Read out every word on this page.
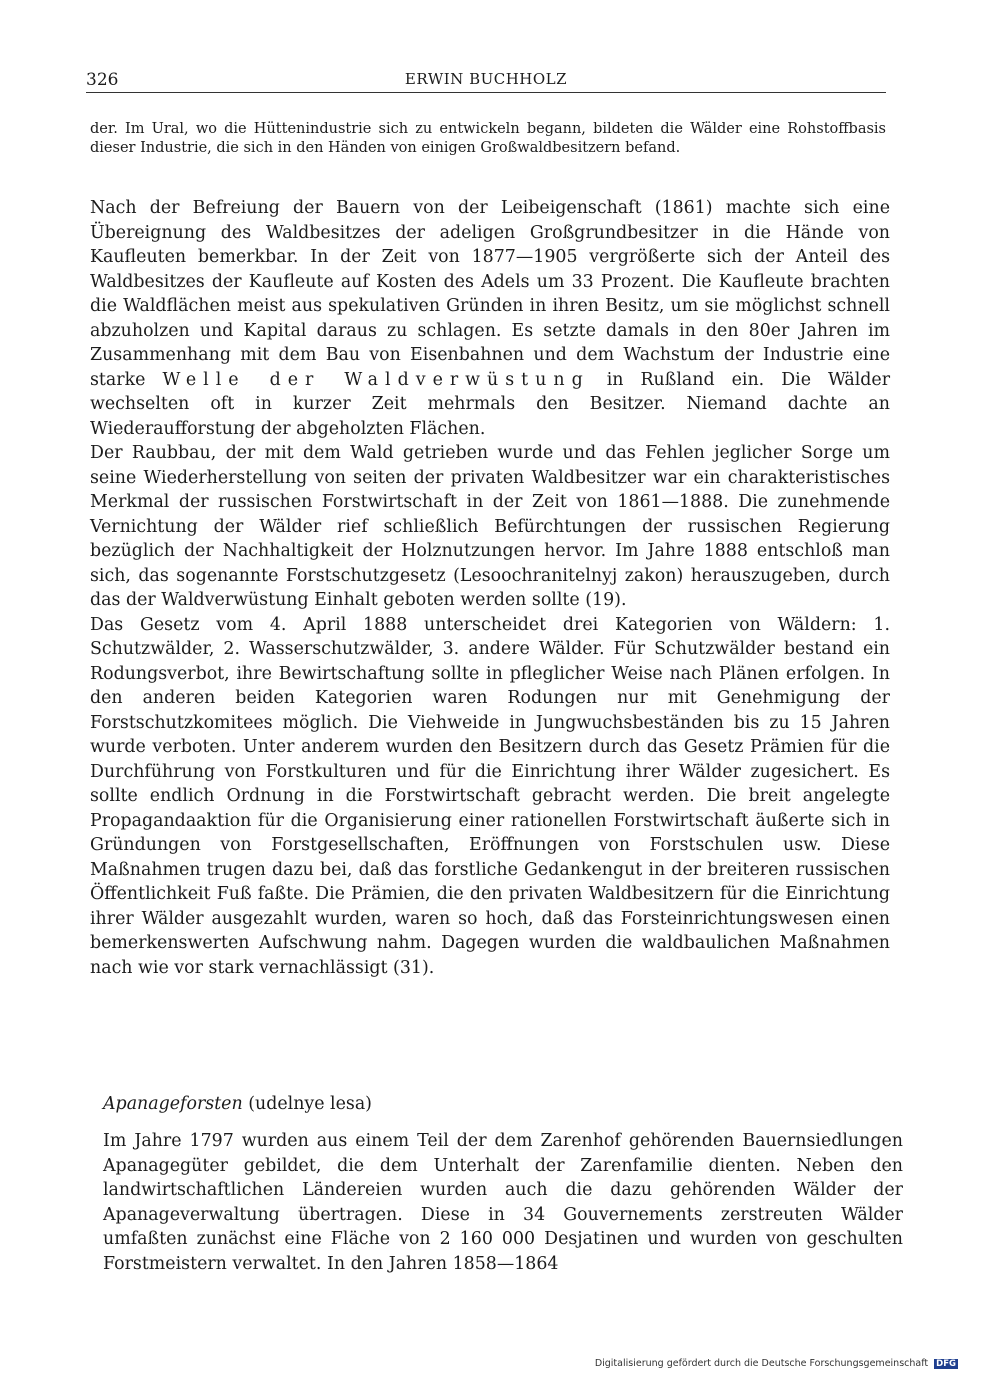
326	ERWIN BUCHHOLZ

der. Im Ural, wo die Hüttenindustrie sich zu entwickeln begann, bildeten die Wälder eine Rohstoffbasis dieser Industrie, die sich in den Händen von einigen Großwaldbesitzern befand.

Nach der Befreiung der Bauern von der Leibeigenschaft (1861) machte sich eine Übereignung des Waldbesitzes der adeligen Großgrundbesitzer in die Hände von Kaufleuten bemerkbar. In der Zeit von 1877—1905 vergrößerte sich der Anteil des Waldbesitzes der Kaufleute auf Kosten des Adels um 33 Prozent. Die Kaufleute brachten die Waldflächen meist aus spekulativen Gründen in ihren Besitz, um sie möglichst schnell abzuholzen und Kapital daraus zu schlagen. Es setzte damals in den 80er Jahren im Zusammenhang mit dem Bau von Eisenbahnen und dem Wachstum der Industrie eine starke Welle der Waldverwüstung in Rußland ein. Die Wälder wechselten oft in kurzer Zeit mehrmals den Besitzer. Niemand dachte an Wiederaufforstung der abgeholzten Flächen.

Der Raubbau, der mit dem Wald getrieben wurde und das Fehlen jeglicher Sorge um seine Wiederherstellung von seiten der privaten Waldbesitzer war ein charakteristisches Merkmal der russischen Forstwirtschaft in der Zeit von 1861—1888. Die zunehmende Vernichtung der Wälder rief schließlich Befürchtungen der russischen Regierung bezüglich der Nachhaltigkeit der Holznutzungen hervor. Im Jahre 1888 entschloß man sich, das sogenannte Forstschutzgesetz (Lesoochranitelnyj zakon) herauszugeben, durch das der Waldverwüstung Einhalt geboten werden sollte (19).

Das Gesetz vom 4. April 1888 unterscheidet drei Kategorien von Wäldern: 1. Schutzwälder, 2. Wasserschutzwälder, 3. andere Wälder. Für Schutzwälder bestand ein Rodungsverbot, ihre Bewirtschaftung sollte in pfleglicher Weise nach Plänen erfolgen. In den anderen beiden Kategorien waren Rodungen nur mit Genehmigung der Forstschutzkomitees möglich. Die Viehweide in Jungwuchsbeständen bis zu 15 Jahren wurde verboten. Unter anderem wurden den Besitzern durch das Gesetz Prämien für die Durchführung von Forstkulturen und für die Einrichtung ihrer Wälder zugesichert. Es sollte endlich Ordnung in die Forstwirtschaft gebracht werden. Die breit angelegte Propagandaaktion für die Organisierung einer rationellen Forstwirtschaft äußerte sich in Gründungen von Forstgesellschaften, Eröffnungen von Forstschulen usw. Diese Maßnahmen trugen dazu bei, daß das forstliche Gedankengut in der breiteren russischen Öffentlichkeit Fuß faßte. Die Prämien, die den privaten Waldbesitzern für die Einrichtung ihrer Wälder ausgezahlt wurden, waren so hoch, daß das Forsteinrichtungswesen einen bemerkenswerten Aufschwung nahm. Dagegen wurden die waldbaulichen Maßnahmen nach wie vor stark vernachlässigt (31).

Apanageforsten (udelnye lesa)

Im Jahre 1797 wurden aus einem Teil der dem Zarenhof gehörenden Bauernsiedlungen Apanagegüter gebildet, die dem Unterhalt der Zarenfamilie dienten. Neben den landwirtschaftlichen Ländereien wurden auch die dazu gehörenden Wälder der Apanageverwaltung übertragen. Diese in 34 Gouvernements zerstreuten Wälder umfaßten zunächst eine Fläche von 2 160 000 Desjatinen und wurden von geschulten Forstmeistern verwaltet. In den Jahren 1858—1864

Digitalisierung gefördert durch die Deutsche Forschungsgemeinschaft DFG
